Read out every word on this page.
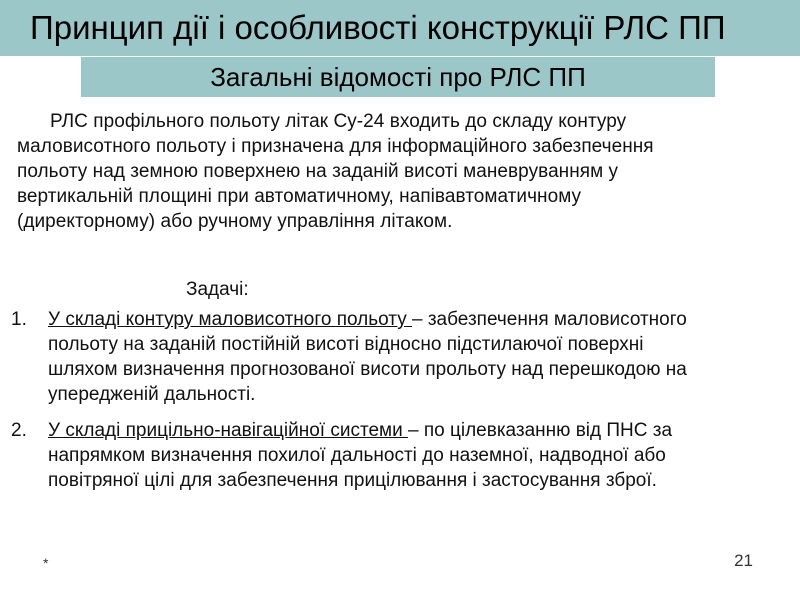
Принцип дії і особливості конструкції РЛС ПП
Загальні відомості про РЛС ПП
РЛС профільного польоту літак Су-24 входить до складу контуру
маловисотного польоту і призначена для інформаційного забезпечення
польоту над земною поверхнею на заданій висоті маневруванням у
вертикальній площині при автоматичному, напівавтоматичному
(директорному) або ручному управління літаком.
Задачі:
1. У складі контуру маловисотного польоту – забезпечення маловисотного
польоту на заданій постійній висоті відносно підстилаючої поверхні
шляхом визначення прогнозованої висоти прольоту над перешкодою на
упередженій дальності.
2. У складі прицільно-навігаційної системи – по цілевказанню від ПНС за
напрямком визначення похилої дальності до наземної, надводної або
повітряної цілі для забезпечення прицілювання і застосування зброї.
*	21
